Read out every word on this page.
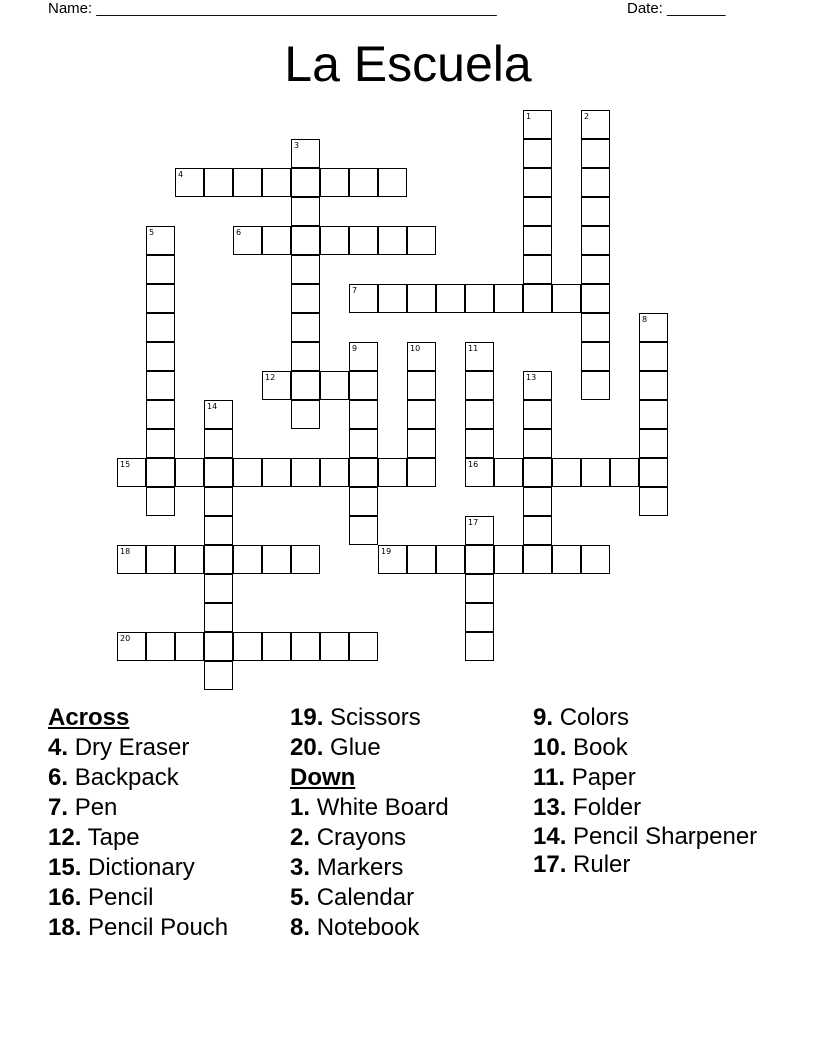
Name: ________________________________________________	Date: _______
La Escuela
1	2
3
4
5	6
7
8
9	10	11
16
12	13
14
15
17
18	19
20
Across
4. Dry Eraser
6. Backpack
7. Pen
12. Tape
15. Dictionary
16. Pencil
18. Pencil Pouch
19. Scissors
20. Glue
Down
1. White Board
2. Crayons
3. Markers
5. Calendar
8. Notebook
9. Colors
10. Book
11. Paper
13. Folder
14. Pencil Sharpener
17. Ruler
